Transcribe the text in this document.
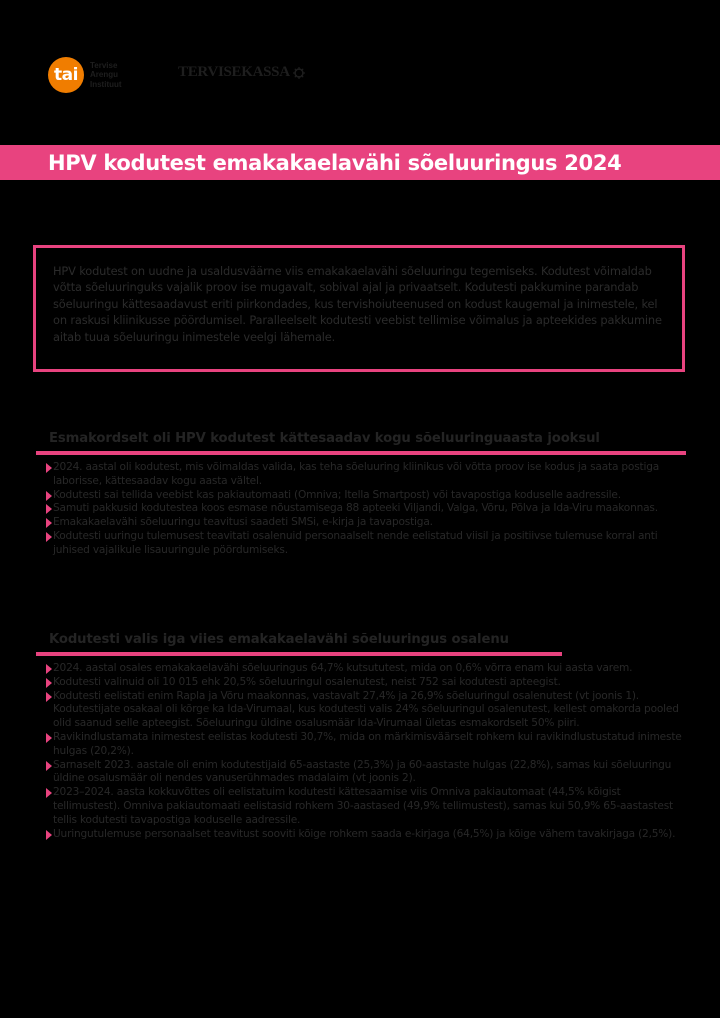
tai	Tervise
Arengu
Instituut
TERVISEKASSA
HPV kodutest emakakaelavähi sõeluuringus 2024

HPV kodutest on uudne ja usaldusväärne viis emakakaelavähi sõeluuringu tegemiseks. Kodutest võimaldab võtta sõeluuringuks vajalik proov ise mugavalt, sobival ajal ja privaatselt. Kodutesti pakkumine parandab sõeluuringu kättesaadavust eriti piirkondades, kus tervishoiuteenused on kodust kaugemal ja inimestele, kel on raskusi kliinikusse pöördumisel. Paralleelselt kodutesti veebist tellimise võimalus ja apteekides pakkumine aitab tuua sõeluuringu inimestele veelgi lähemale.

Esmakordselt oli HPV kodutest kättesaadav kogu sõeluuringuaasta jooksul
2024. aastal oli kodutest, mis võimaldas valida, kas teha sõeluuring kliinikus või võtta proov ise kodus ja saata postiga laborisse, kättesaadav kogu aasta vältel.
Kodutesti sai tellida veebist kas pakiautomaati (Omniva; Itella Smartpost) või tavapostiga koduselle aadressile.
Samuti pakkusid kodutestea koos esmase nõustamisega 88 apteeki Viljandi, Valga, Võru, Põlva ja Ida-Viru maakonnas.
Emakakaelavähi sõeluuringu teavitusi saadeti SMSi, e-kirja ja tavapostiga.
Kodutesti uuringu tulemusest teavitati osalenuid personaalselt nende eelistatud viisil ja positiivse tulemuse korral anti juhised vajalikule lisauuringule pöördumiseks.
Kodutesti valis iga viies emakakaelavähi sõeluuringus osalenu
2024. aastal osales emakakaelavähi sõeluuringus 64,7% kutsututest, mida on 0,6% võrra enam kui aasta varem.
Kodutesti valinuid oli 10 015 ehk 20,5% sõeluuringul osalenutest, neist 752 sai kodutesti apteegist.
Kodutesti eelistati enim Rapla ja Võru maakonnas, vastavalt 27,4% ja 26,9% sõeluuringul osalenutest (vt joonis 1). Kodutestijate osakaal oli kõrge ka Ida-Virumaal, kus kodutesti valis 24% sõeluuringul osalenutest, kellest omakorda pooled olid saanud selle apteegist. Sõeluuringu üldine osalusmäär Ida-Virumaal ületas esmakordselt 50% piiri.
Ravikindlustamata inimestest eelistas kodutesti 30,7%, mida on märkimisväärselt rohkem kui ravikindlustustatud inimeste hulgas (20,2%).
Sarnaselt 2023. aastale oli enim kodutestijaid 65-aastaste (25,3%) ja 60-aastaste hulgas (22,8%), samas kui sõeluuringu üldine osalusmäär oli nendes vanuserühmades madalaim (vt joonis 2).
2023–2024. aasta kokkuvõttes oli eelistatuim kodutesti kättesaamise viis Omniva pakiautomaat (44,5% kõigist tellimustest). Omniva pakiautomaati eelistasid rohkem 30-aastased (49,9% tellimustest), samas kui 50,9% 65-aastastest tellis kodutesti tavapostiga koduselle aadressile.
Uuringutulemuse personaalset teavitust sooviti kõige rohkem saada e-kirjaga (64,5%) ja kõige vähem tavakirjaga (2,5%).
